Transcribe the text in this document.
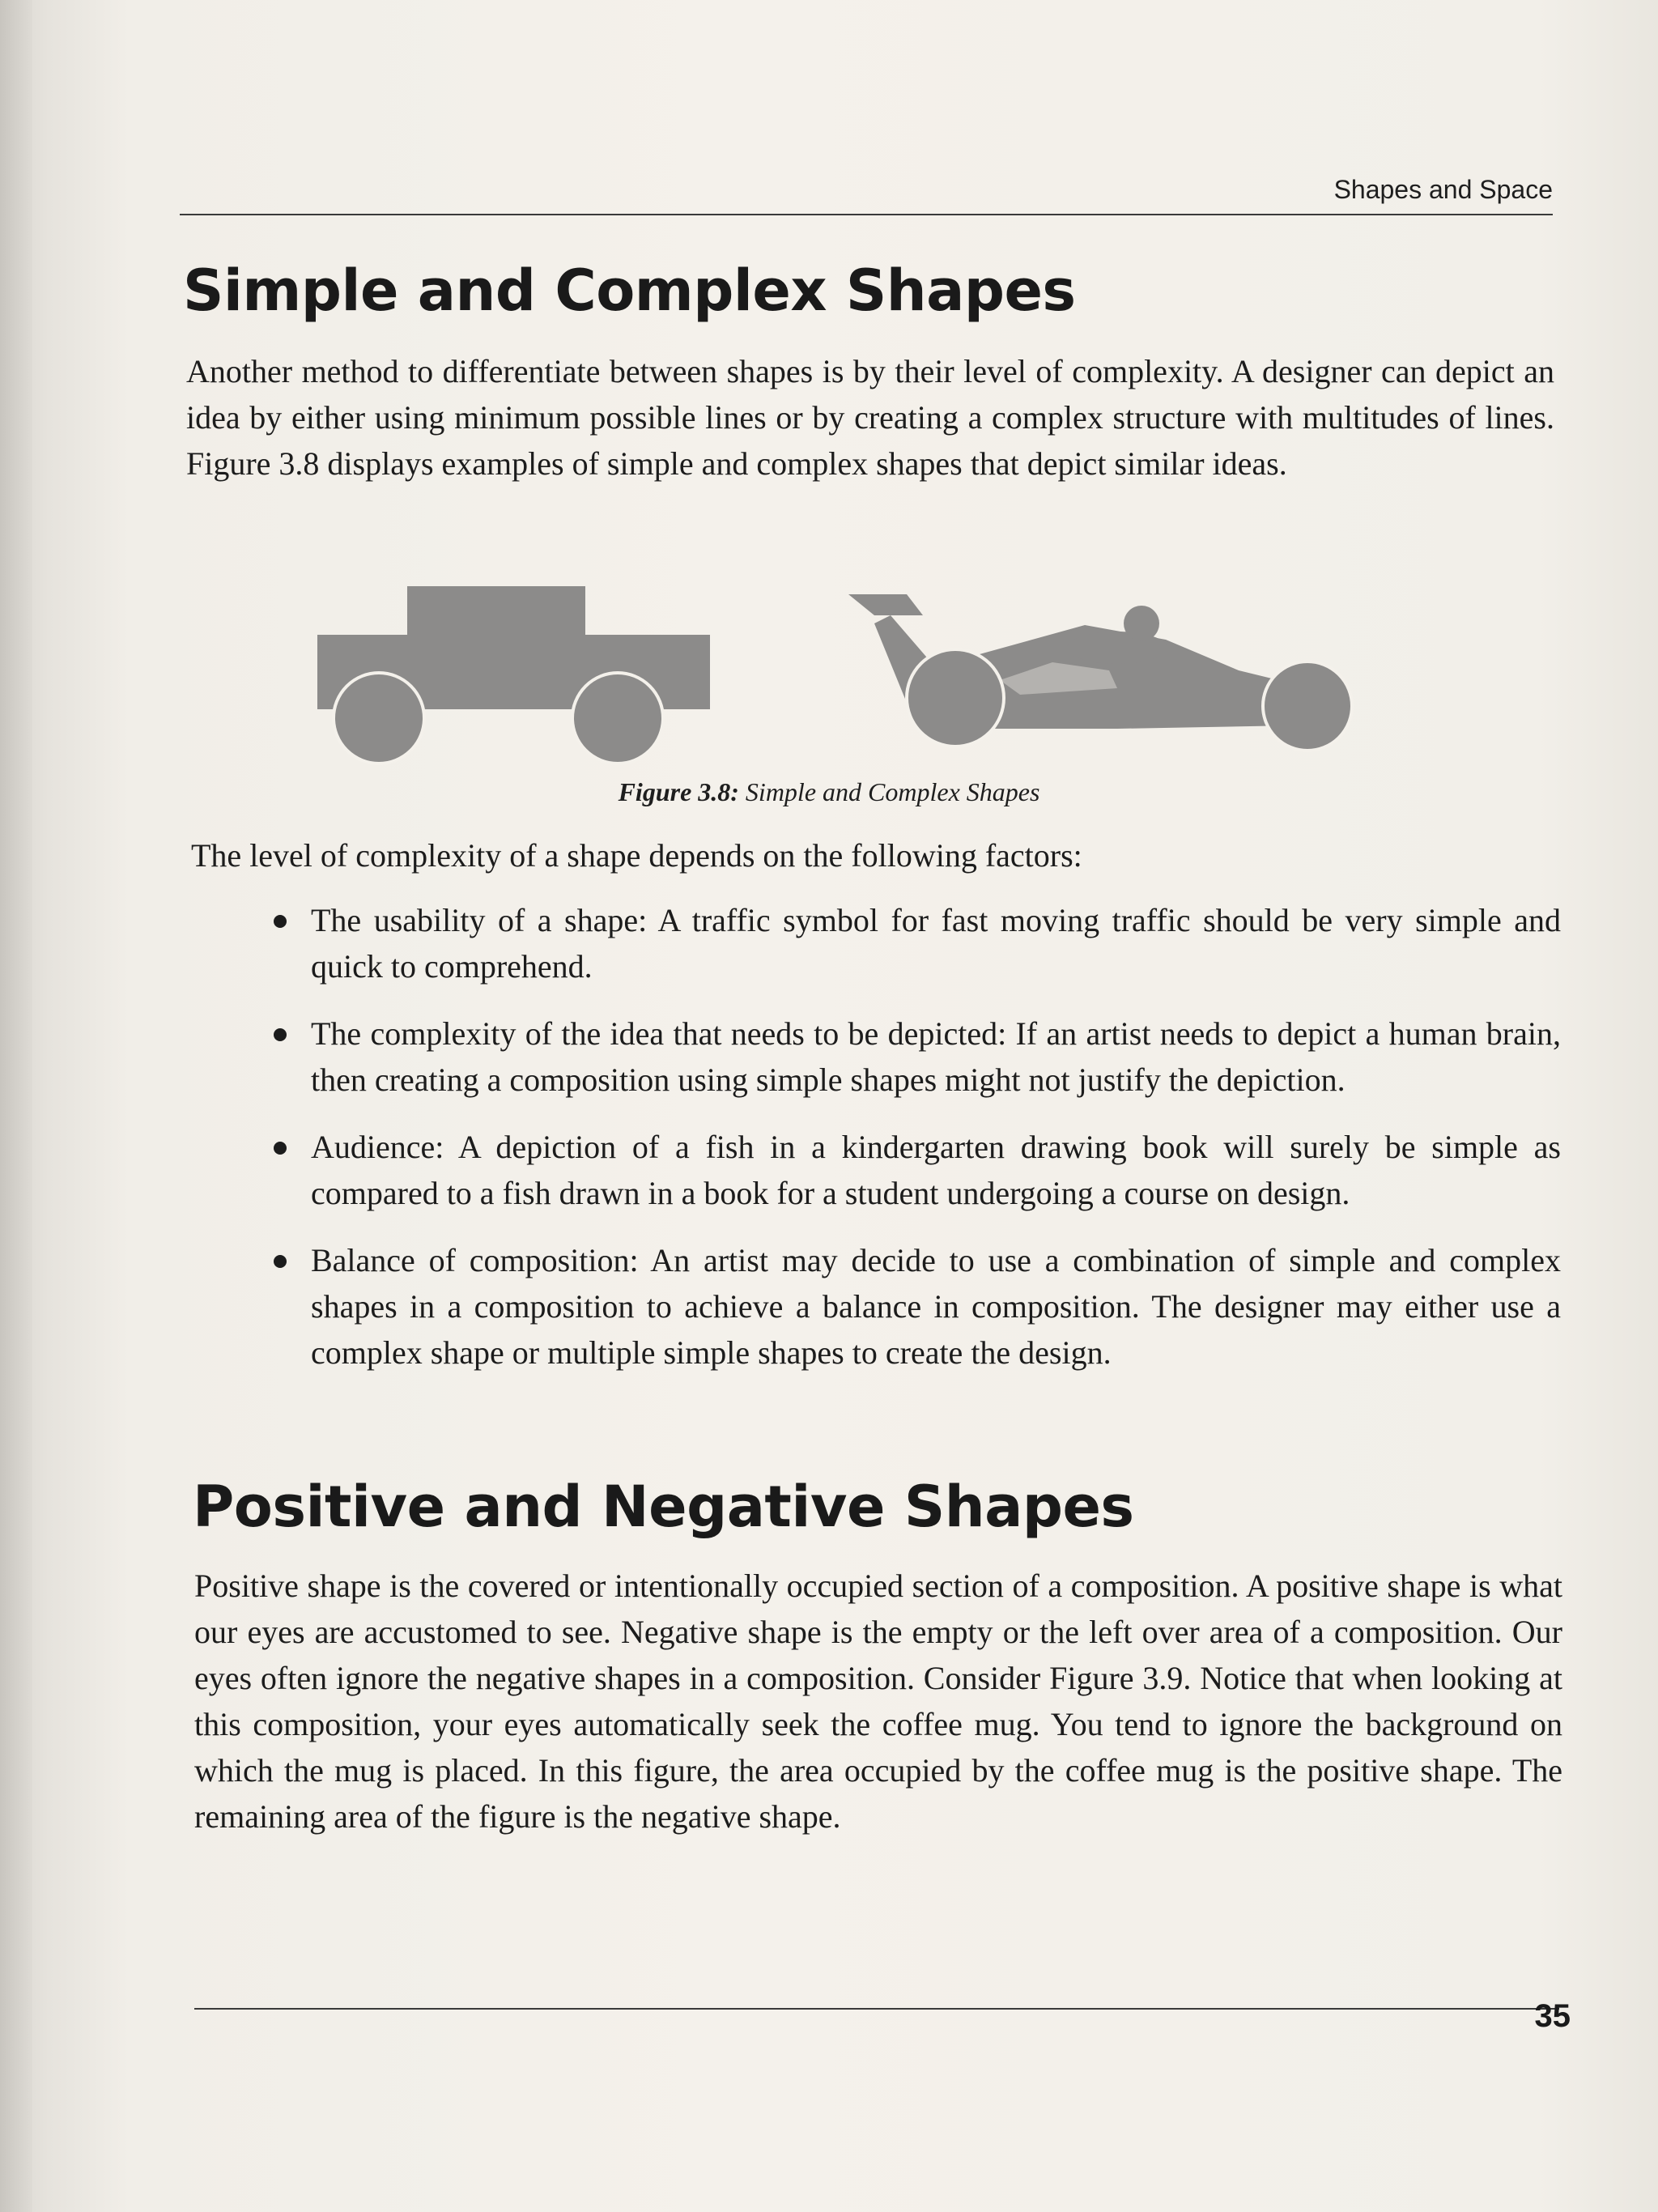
Shapes and Space
Simple and Complex Shapes

Another method to differentiate between shapes is by their level of complexity. A designer can depict an idea by either using minimum possible lines or by creating a complex structure with multitudes of lines. Figure 3.8 displays examples of simple and complex shapes that depict similar ideas.

Figure 3.8: Simple and Complex Shapes

The level of complexity of a shape depends on the following factors:

The usability of a shape: A traffic symbol for fast moving traffic should be very simple and quick to comprehend.
The complexity of the idea that needs to be depicted: If an artist needs to depict a human brain, then creating a composition using simple shapes might not justify the depiction.
Audience: A depiction of a fish in a kindergarten drawing book will surely be simple as compared to a fish drawn in a book for a student undergoing a course on design.
Balance of composition: An artist may decide to use a combination of simple and complex shapes in a composition to achieve a balance in composition. The designer may either use a complex shape or multiple simple shapes to create the design.
Positive and Negative Shapes

Positive shape is the covered or intentionally occupied section of a composition. A positive shape is what our eyes are accustomed to see. Negative shape is the empty or the left over area of a composition. Our eyes often ignore the negative shapes in a composition. Consider Figure 3.9. Notice that when looking at this composition, your eyes automatically seek the coffee mug. You tend to ignore the background on which the mug is placed. In this figure, the area occupied by the coffee mug is the positive shape. The remaining area of the figure is the negative shape.

35
